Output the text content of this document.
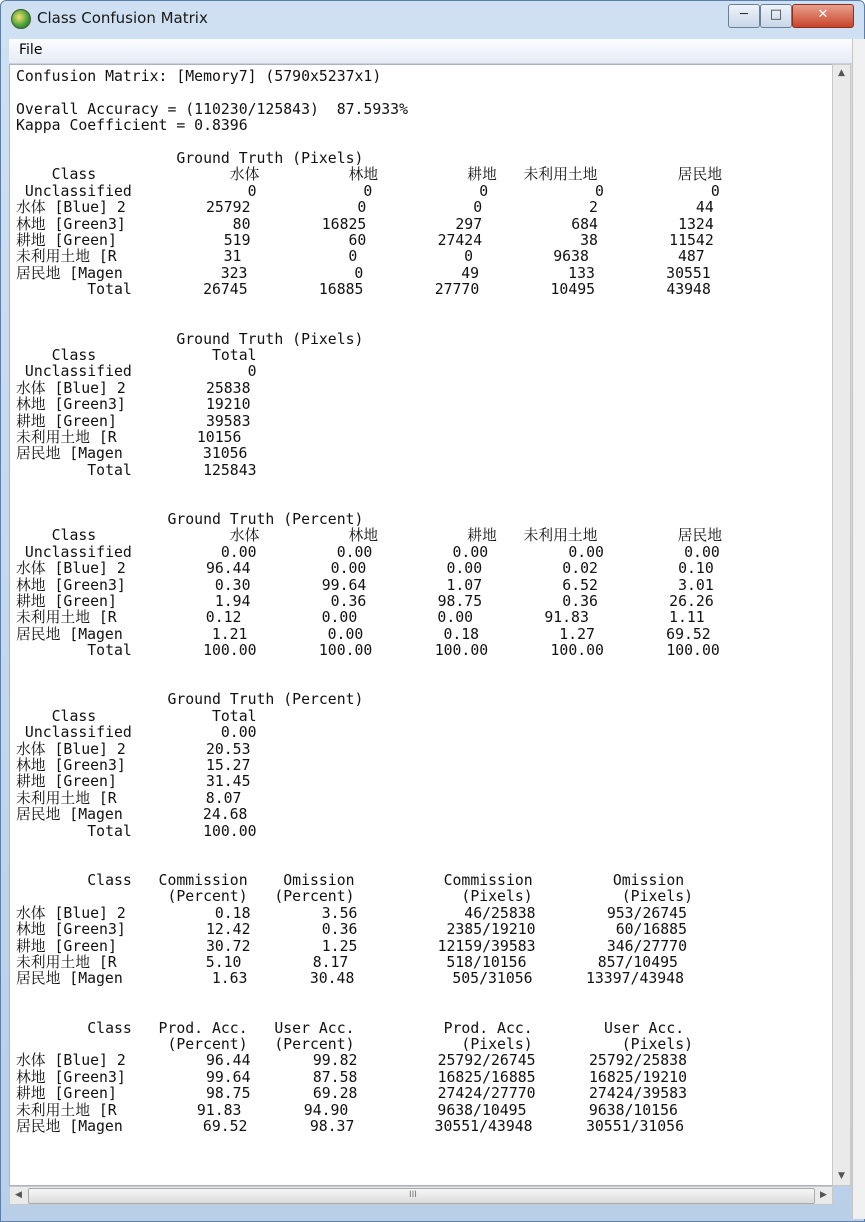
Class Confusion Matrix	─	□	✕
File
Confusion Matrix: [Memory7] (5790x5237x1)

Overall Accuracy = (110230/125843)  87.5933%
Kappa Coefficient = 0.8396

Ground Truth (Pixels)
Class               水体          林地          耕地   未利用土地         居民地
Unclassified             0            0            0            0            0
水体 [Blue] 2         25792            0            0            2           44
林地 [Green3]            80        16825          297          684         1324
耕地 [Green]            519           60        27424           38        11542
未利用土地 [R            31            0            0         9638          487
居民地 [Magen           323            0           49          133        30551
Total        26745        16885        27770        10495        43948

Ground Truth (Pixels)
Class             Total
Unclassified             0
水体 [Blue] 2         25838
林地 [Green3]         19210
耕地 [Green]          39583
未利用土地 [R         10156
居民地 [Magen         31056
Total        125843

Ground Truth (Percent)
Class               水体          林地          耕地   未利用土地         居民地
Unclassified          0.00         0.00         0.00         0.00         0.00
水体 [Blue] 2         96.44         0.00         0.00         0.02         0.10
林地 [Green3]          0.30        99.64         1.07         6.52         3.01
耕地 [Green]           1.94         0.36        98.75         0.36        26.26
未利用土地 [R          0.12         0.00         0.00        91.83         1.11
居民地 [Magen          1.21         0.00         0.18         1.27        69.52
Total        100.00       100.00       100.00       100.00       100.00

Ground Truth (Percent)
Class             Total
Unclassified          0.00
水体 [Blue] 2         20.53
林地 [Green3]         15.27
耕地 [Green]          31.45
未利用土地 [R          8.07
居民地 [Magen         24.68
Total        100.00

Class   Commission    Omission          Commission         Omission
(Percent)   (Percent)            (Pixels)          (Pixels)
水体 [Blue] 2          0.18        3.56            46/25838        953/26745
林地 [Green3]         12.42        0.36          2385/19210         60/16885
耕地 [Green]          30.72        1.25         12159/39583        346/27770
未利用土地 [R          5.10        8.17           518/10156        857/10495
居民地 [Magen          1.63       30.48           505/31056      13397/43948

Class   Prod. Acc.   User Acc.          Prod. Acc.        User Acc.
(Percent)   (Percent)            (Pixels)          (Pixels)
水体 [Blue] 2         96.44       99.82         25792/26745      25792/25838
林地 [Green3]         99.64       87.58         16825/16885      16825/19210
耕地 [Green]          98.75       69.28         27424/27770      27424/39583
未利用土地 [R         91.83       94.90          9638/10495       9638/10156
居民地 [Magen         69.52       98.37         30551/43948      30551/31056

▲
▼
◀	III	▶
